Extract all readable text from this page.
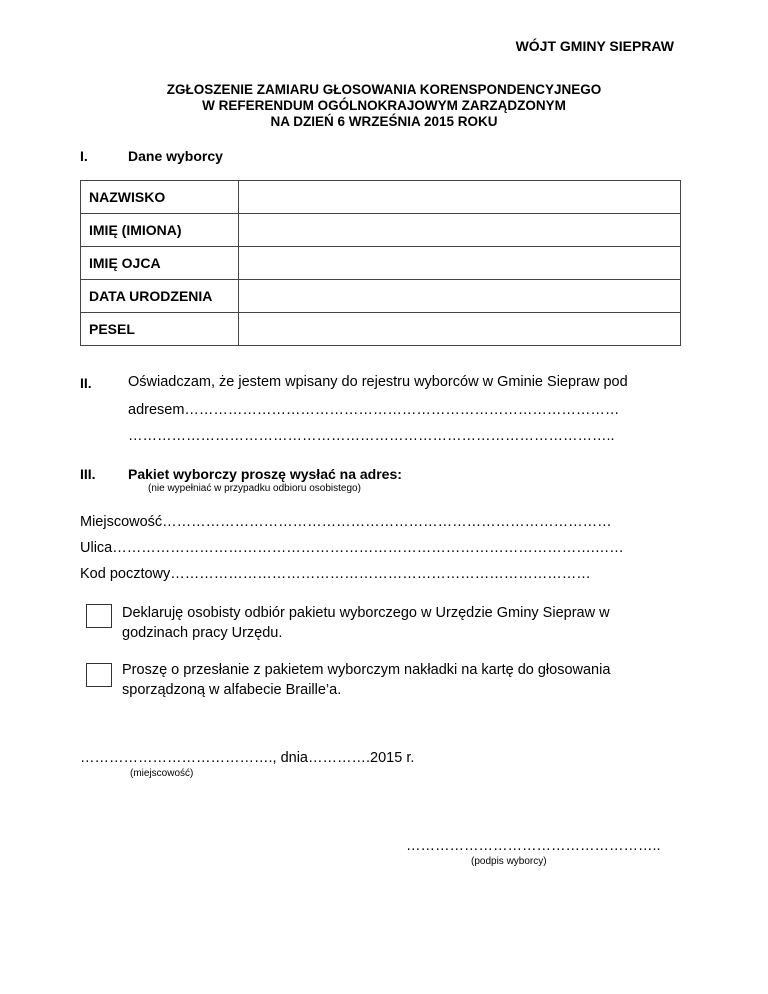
WÓJT GMINY SIEPRAW
ZGŁOSZENIE ZAMIARU GŁOSOWANIA KORENSPONDENCYJNEGO
W REFERENDUM OGÓLNOKRAJOWYM ZARZĄDZONYM
NA DZIEŃ 6 WRZEŚNIA 2015 ROKU
I.	Dane wyborcy
NAZWISKO	
IMIĘ (IMIONA)	
IMIĘ OJCA	
DATA URODZENIA	
PESEL	
II.	Oświadczam, że jestem wpisany do rejestru wyborców w Gminie Siepraw pod
adresem………………………………………………………………………………
………………………………………………………………………………………..
III. Pakiet wyborczy proszę wysłać na adres:
(nie wypełniać w przypadku odbioru osobistego)
Miejscowość…………………………………………………………………………………
Ulica……………………………………………………………………………………….……
Kod pocztowy……………………………………………………………………………
Deklaruję osobisty odbiór pakietu wyborczego w Urzędzie Gminy Siepraw w
godzinach pracy Urzędu.
Proszę o przesłanie z pakietem wyborczym nakładki na kartę do głosowania
sporządzoną w alfabecie Braille’a.
…………………………………., dnia………….2015 r.
(miejscowość)
……………………………………………..
(podpis wyborcy)
